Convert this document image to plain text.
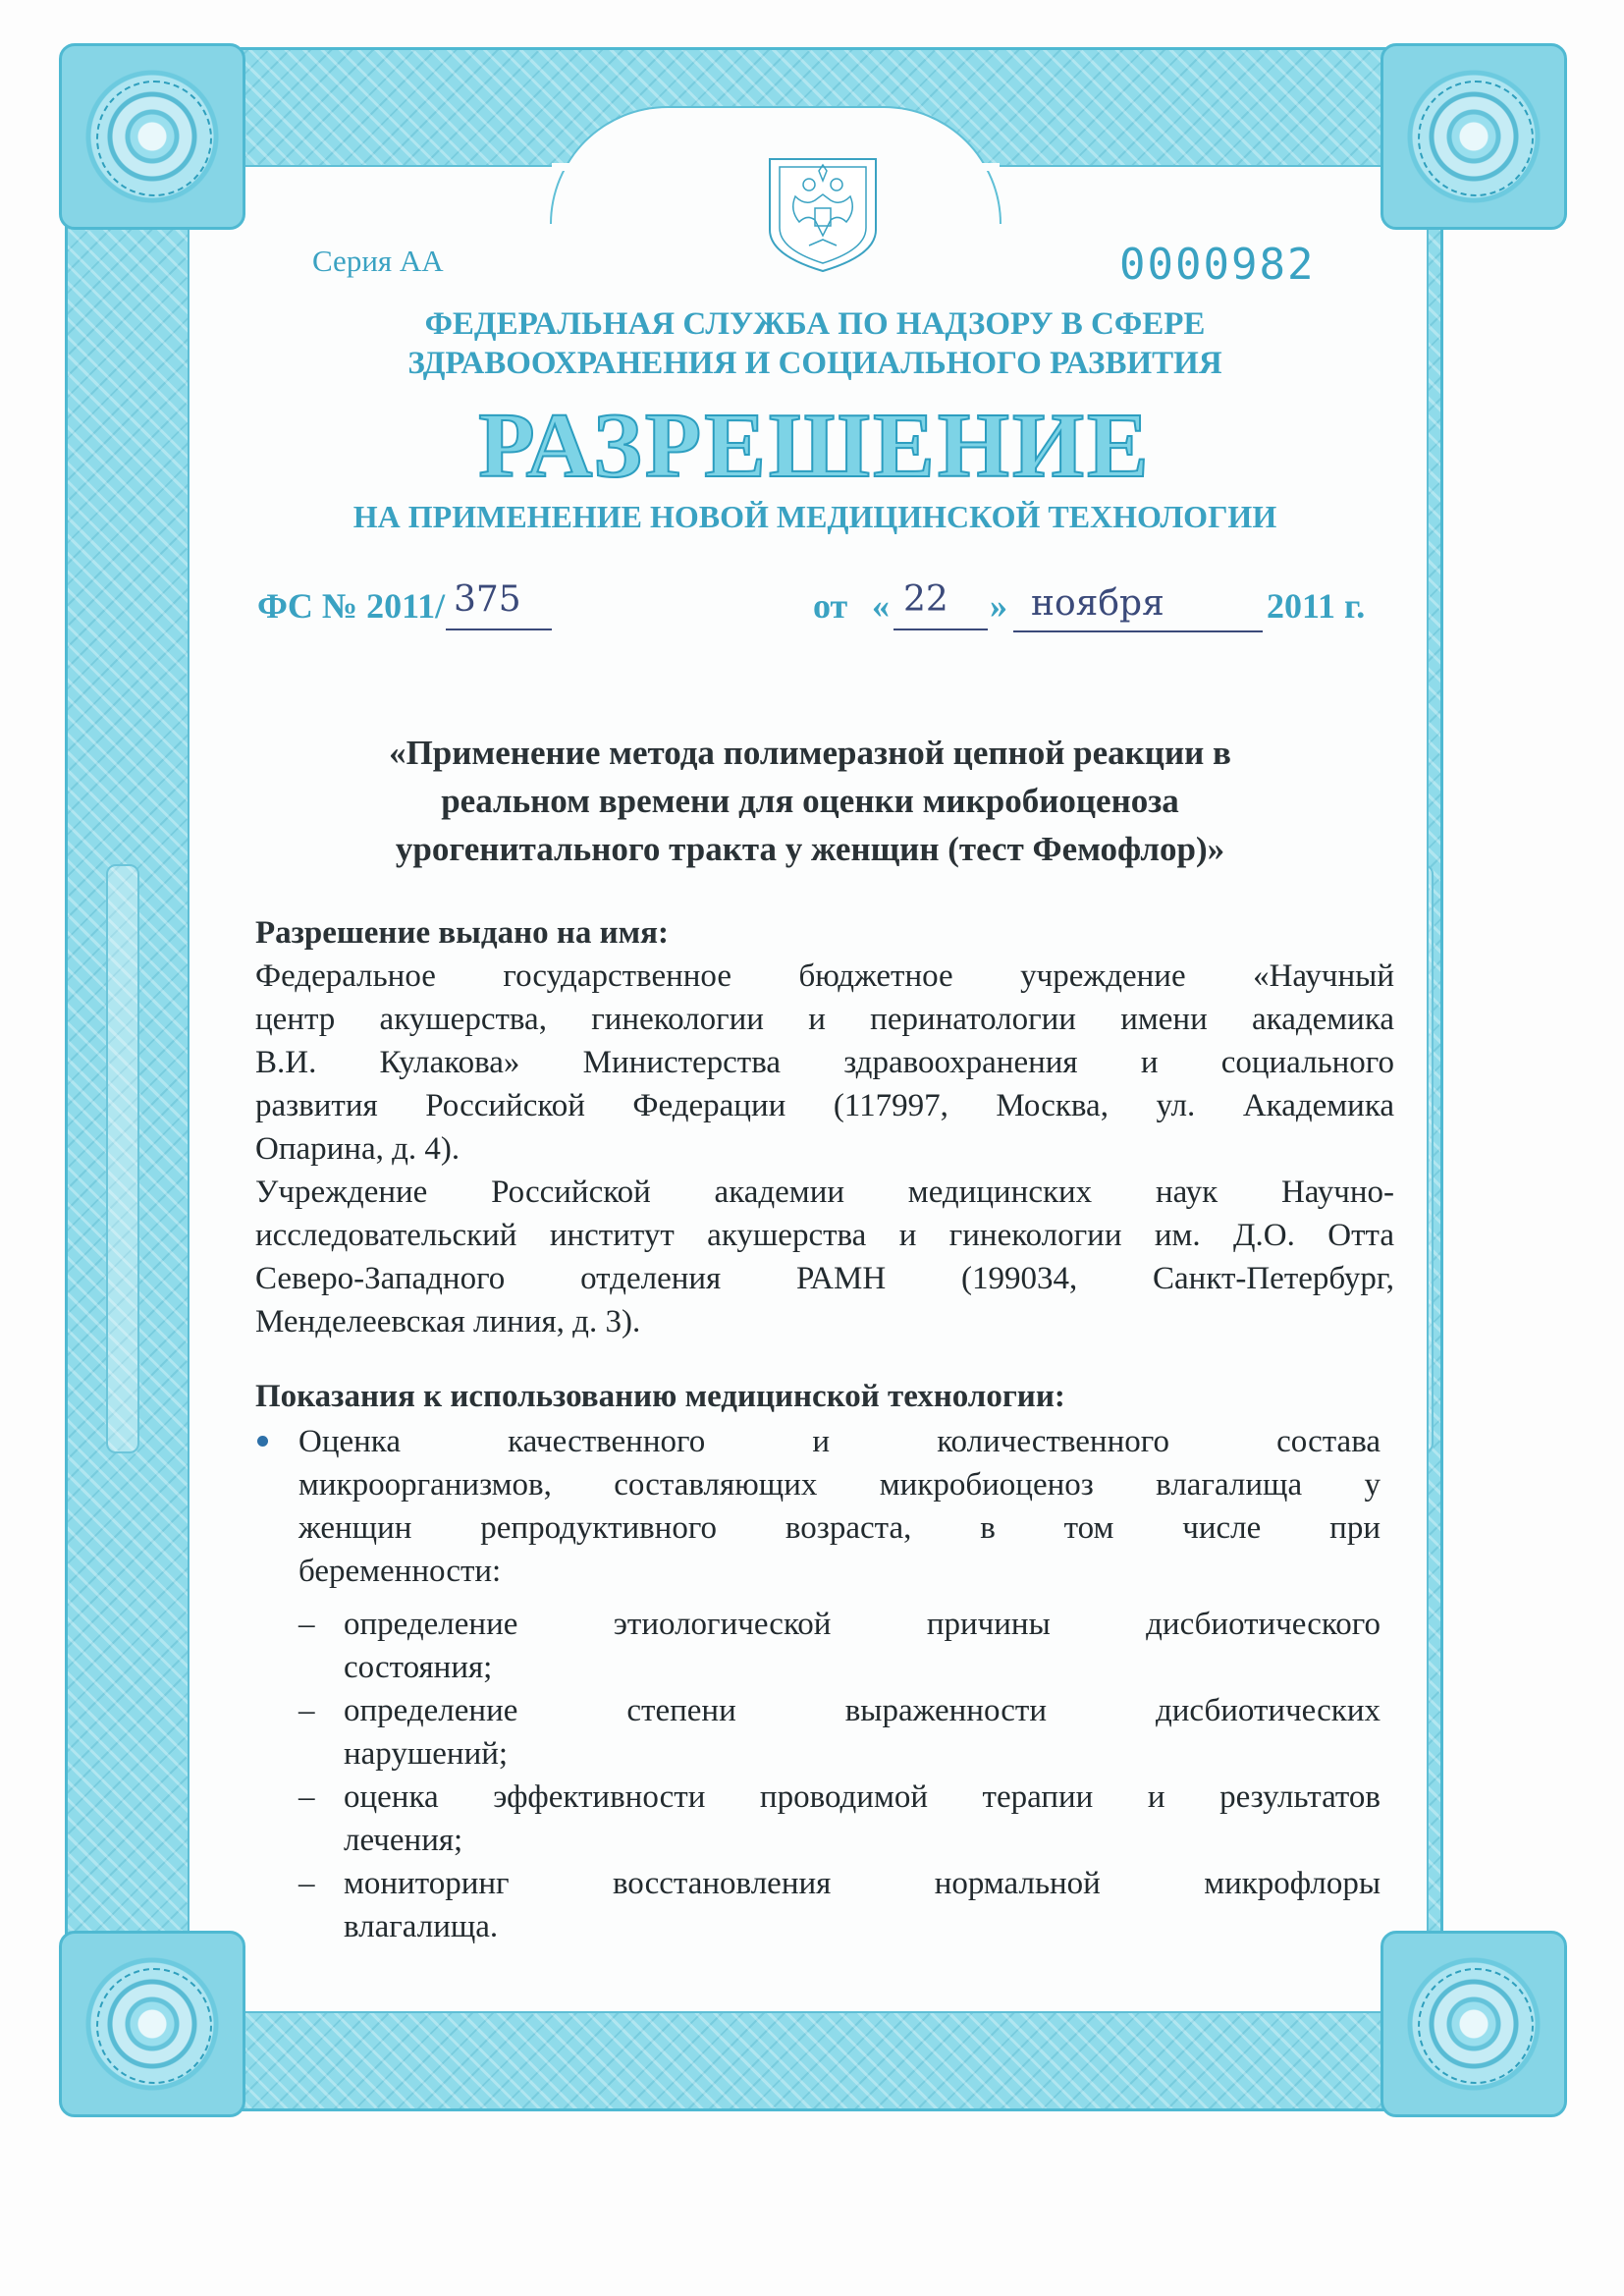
Серия АА	0000982
ФЕДЕРАЛЬНАЯ СЛУЖБА ПО НАДЗОРУ В СФЕРЕ
ЗДРАВООХРАНЕНИЯ И СОЦИАЛЬНОГО РАЗВИТИЯ
РАЗРЕШЕНИЕ
НА ПРИМЕНЕНИЕ НОВОЙ МЕДИЦИНСКОЙ ТЕХНОЛОГИИ
ФС № 2011/ 375	от « 22 » ноября	2011 г.
«Применение метода полимеразной цепной реакции в
реальном времени для оценки микробиоценоза
урогенитального тракта у женщин (тест Фемофлор)»
Разрешение выдано на имя:
Федеральное государственное бюджетное учреждение «Научный
центр акушерства, гинекологии и перинатологии имени академика
В.И. Кулакова» Министерства здравоохранения и социального
развития Российской Федерации (117997, Москва, ул. Академика
Опарина, д. 4).
Учреждение Российской академии медицинских наук Научно-
исследовательский институт акушерства и гинекологии им. Д.О. Отта
Северо-Западного отделения РАМН (199034, Санкт-Петербург,
Менделеевская линия, д. 3).
Показания к использованию медицинской технологии:
Оценка качественного и количественного состава
микроорганизмов, составляющих микробиоценоз влагалища у
женщин репродуктивного возраста, в том числе при
беременности:
– определение этиологической причины дисбиотического
состояния;
– определение степени выраженности дисбиотических
нарушений;
– оценка эффективности проводимой терапии и результатов
лечения;
– мониторинг восстановления нормальной микрофлоры
влагалища.
